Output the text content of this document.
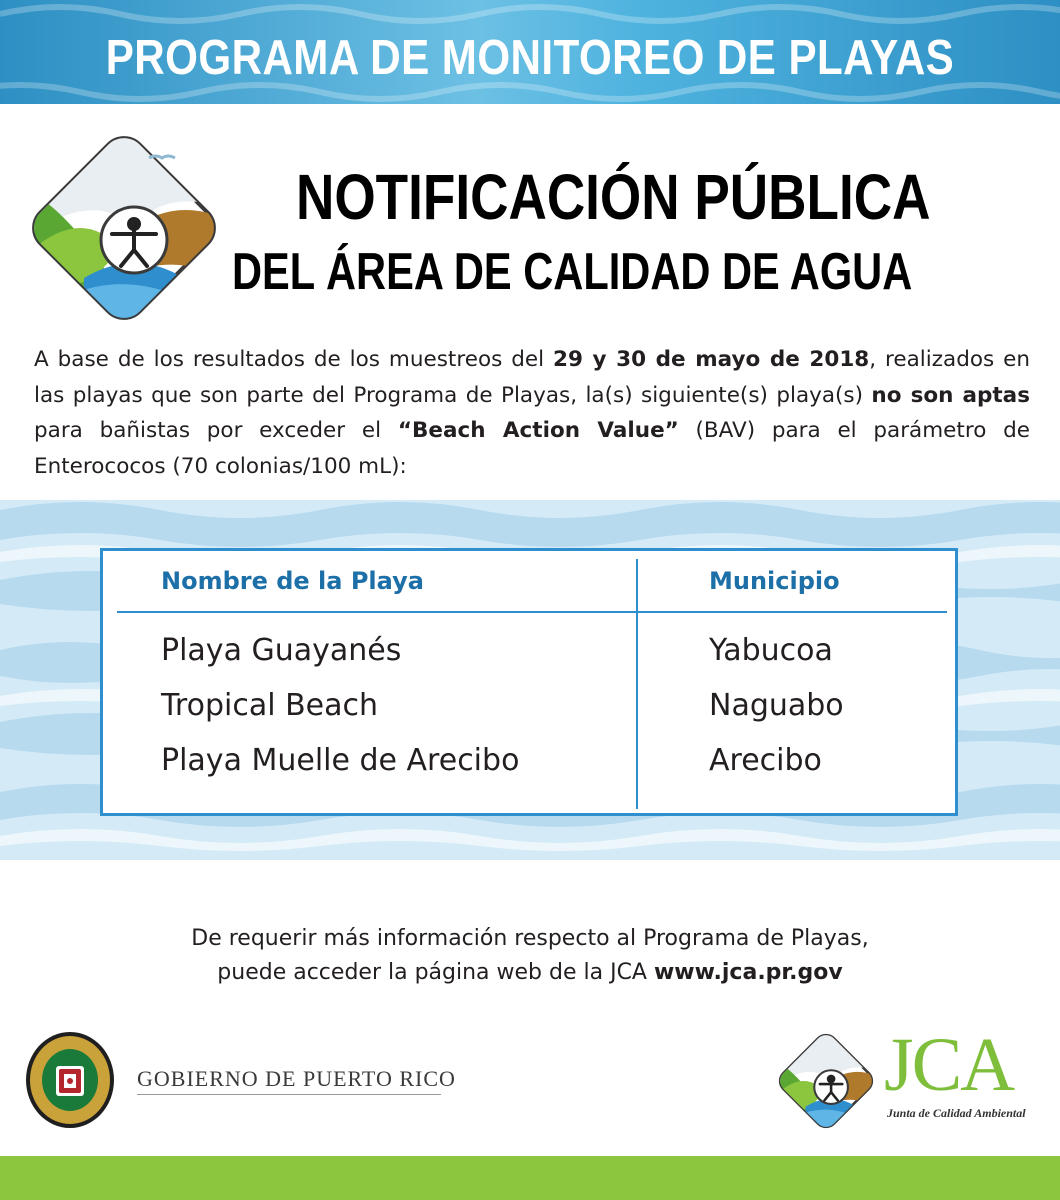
PROGRAMA DE MONITOREO DE PLAYAS
NOTIFICACIÓN PÚBLICA
DEL ÁREA DE CALIDAD DE AGUA
A base de los resultados de los muestreos del 29 y 30 de mayo de 2018, realizados en las playas que son parte del Programa de Playas, la(s) siguiente(s) playa(s) no son aptas para bañistas por exceder el “Beach Action Value” (BAV) para el parámetro de Enterococos (70 colonias/100 mL):
Nombre de la Playa	Municipio
Playa Guayanés	Yabucoa
Tropical Beach	Naguabo
Playa Muelle de Arecibo	Arecibo
De requerir más información respecto al Programa de Playas,
puede acceder la página web de la JCA www.jca.pr.gov
GOBIERNO DE PUERTO RICO	JCA
Junta de Calidad Ambiental
